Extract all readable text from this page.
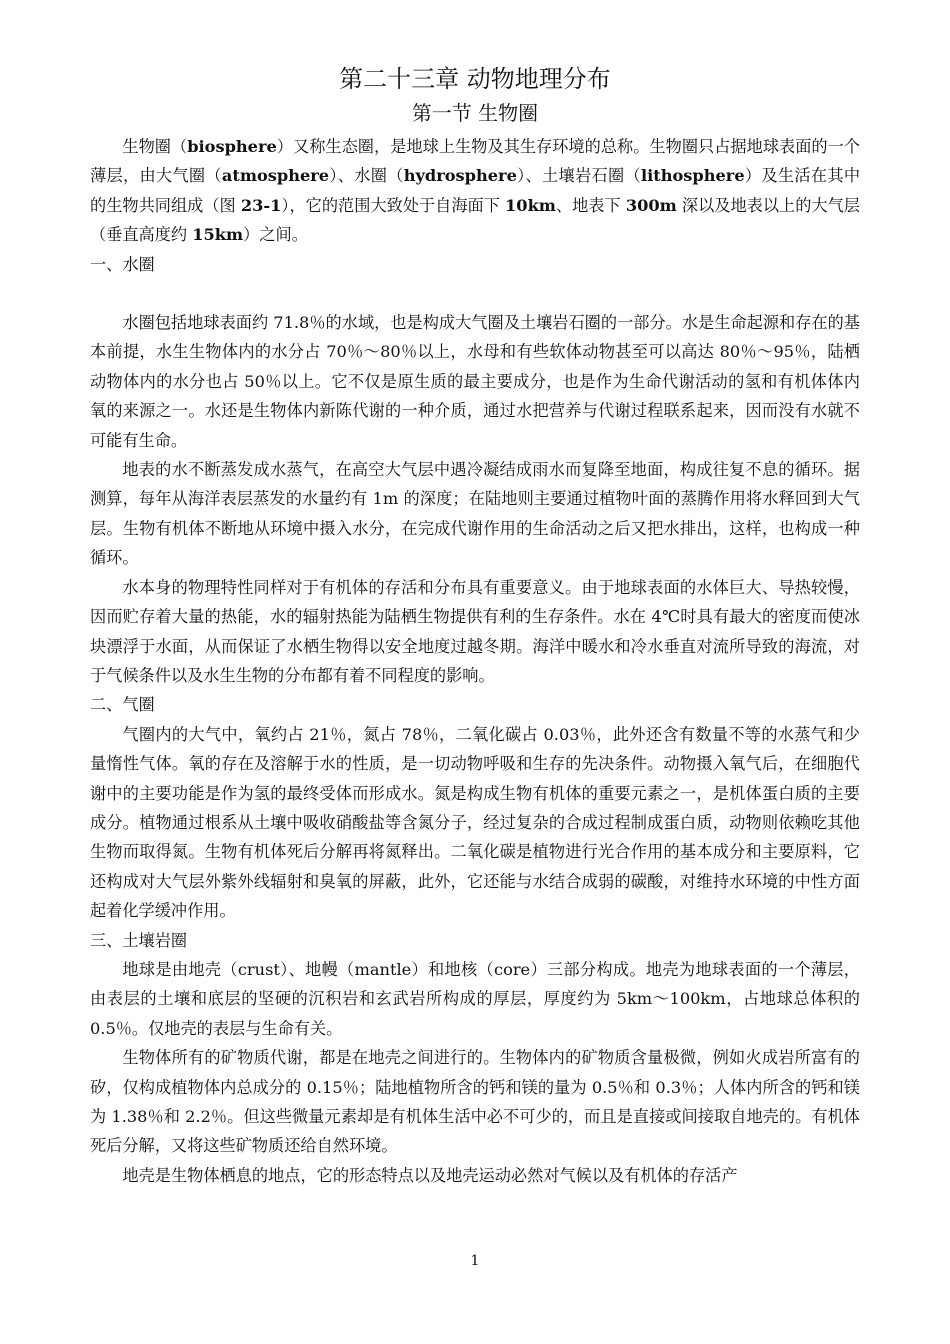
第二十三章 动物地理分布
第一节 生物圈

生物圈（biosphere）又称生态圈，是地球上生物及其生存环境的总称。生物圈只占据地球表面的一个薄层，由大气圈（atmosphere）、水圈（hydrosphere）、土壤岩石圈（lithosphere）及生活在其中的生物共同组成（图 23-1），它的范围大致处于自海面下 10km、地表下 300m 深以及地表以上的大气层（垂直高度约 15km）之间。

一、水圈

水圈包括地球表面约 71.8％的水域，也是构成大气圈及土壤岩石圈的一部分。水是生命起源和存在的基本前提，水生生物体内的水分占 70％～80％以上，水母和有些软体动物甚至可以高达 80％～95％，陆栖动物体内的水分也占 50％以上。它不仅是原生质的最主要成分，也是作为生命代谢活动的氢和有机体体内氧的来源之一。水还是生物体内新陈代谢的一种介质，通过水把营养与代谢过程联系起来，因而没有水就不可能有生命。

地表的水不断蒸发成水蒸气，在高空大气层中遇冷凝结成雨水而复降至地面，构成往复不息的循环。据测算，每年从海洋表层蒸发的水量约有 1m 的深度；在陆地则主要通过植物叶面的蒸腾作用将水释回到大气层。生物有机体不断地从环境中摄入水分，在完成代谢作用的生命活动之后又把水排出，这样，也构成一种循环。

水本身的物理特性同样对于有机体的存活和分布具有重要意义。由于地球表面的水体巨大、导热较慢，因而贮存着大量的热能，水的辐射热能为陆栖生物提供有利的生存条件。水在 4℃时具有最大的密度而使冰块漂浮于水面，从而保证了水栖生物得以安全地度过越冬期。海洋中暖水和冷水垂直对流所导致的海流，对于气候条件以及水生生物的分布都有着不同程度的影响。

二、气圈

气圈内的大气中，氧约占 21％，氮占 78％，二氧化碳占 0.03％，此外还含有数量不等的水蒸气和少量惰性气体。氧的存在及溶解于水的性质，是一切动物呼吸和生存的先决条件。动物摄入氧气后，在细胞代谢中的主要功能是作为氢的最终受体而形成水。氮是构成生物有机体的重要元素之一，是机体蛋白质的主要成分。植物通过根系从土壤中吸收硝酸盐等含氮分子，经过复杂的合成过程制成蛋白质，动物则依赖吃其他生物而取得氮。生物有机体死后分解再将氮释出。二氧化碳是植物进行光合作用的基本成分和主要原料，它还构成对大气层外紫外线辐射和臭氧的屏蔽，此外，它还能与水结合成弱的碳酸，对维持水环境的中性方面起着化学缓冲作用。

三、土壤岩圈

地球是由地壳（crust）、地幔（mantle）和地核（core）三部分构成。地壳为地球表面的一个薄层，由表层的土壤和底层的坚硬的沉积岩和玄武岩所构成的厚层，厚度约为 5km～100km，占地球总体积的 0.5％。仅地壳的表层与生命有关。

生物体所有的矿物质代谢，都是在地壳之间进行的。生物体内的矿物质含量极微，例如火成岩所富有的矽，仅构成植物体内总成分的 0.15％；陆地植物所含的钙和镁的量为 0.5％和 0.3％；人体内所含的钙和镁为 1.38％和 2.2％。但这些微量元素却是有机体生活中必不可少的，而且是直接或间接取自地壳的。有机体死后分解，又将这些矿物质还给自然环境。

地壳是生物体栖息的地点，它的形态特点以及地壳运动必然对气候以及有机体的存活产

1
